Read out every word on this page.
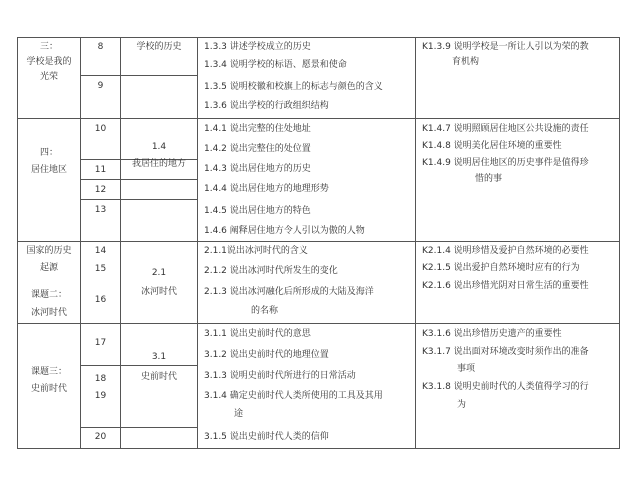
三：
学校是我的
光荣
8
9
学校的历史	1.3.3 讲述学校成立的历史
1.3.4 说明学校的标语、愿景和使命
1.3.5 说明校徽和校旗上的标志与颜色的含义
1.3.6 说出学校的行政组织结构
K1.3.9 说明学校是一所让人引以为荣的教
育机构
四：
居住地区
10
11
12
13
1.4
我居住的地方
1.4.1 说出完整的住处地址
1.4.2 说出完整住的处位置
1.4.3 说出居住地方的历史
1.4.4 说出居住地方的地理形势
1.4.5 说出居住地方的特色
1.4.6 阐释居住地方令人引以为傲的人物
K1.4.7 说明照顾居住地区公共设施的责任
K1.4.8 说明美化居住环境的重要性
K1.4.9 说明居住地区的历史事件是值得珍
惜的事
国家的历史
起源
课题二：
冰河时代
14
15
16
2.1
冰河时代
2.1.1说出冰河时代的含义
2.1.2 说出冰河时代所发生的变化
2.1.3 说出冰河融化后所形成的大陆及海洋
的名称
K2.1.4 说明珍惜及爱护自然环境的必要性
K2.1.5 说出爱护自然环境时应有的行为
K2.1.6 说出珍惜光阴对日常生活的重要性
课题三：
史前时代
17
18
19
20
3.1
史前时代
3.1.1 说出史前时代的意思
3.1.2 说出史前时代的地理位置
3.1.3 说明史前时代所进行的日常活动
3.1.4 确定史前时代人类所使用的工具及其用
途
3.1.5 说出史前时代人类的信仰
K3.1.6 说出珍惜历史遗产的重要性
K3.1.7 说出面对环境改变时须作出的准备
事项
K3.1.8 说明史前时代的人类值得学习的行
为
